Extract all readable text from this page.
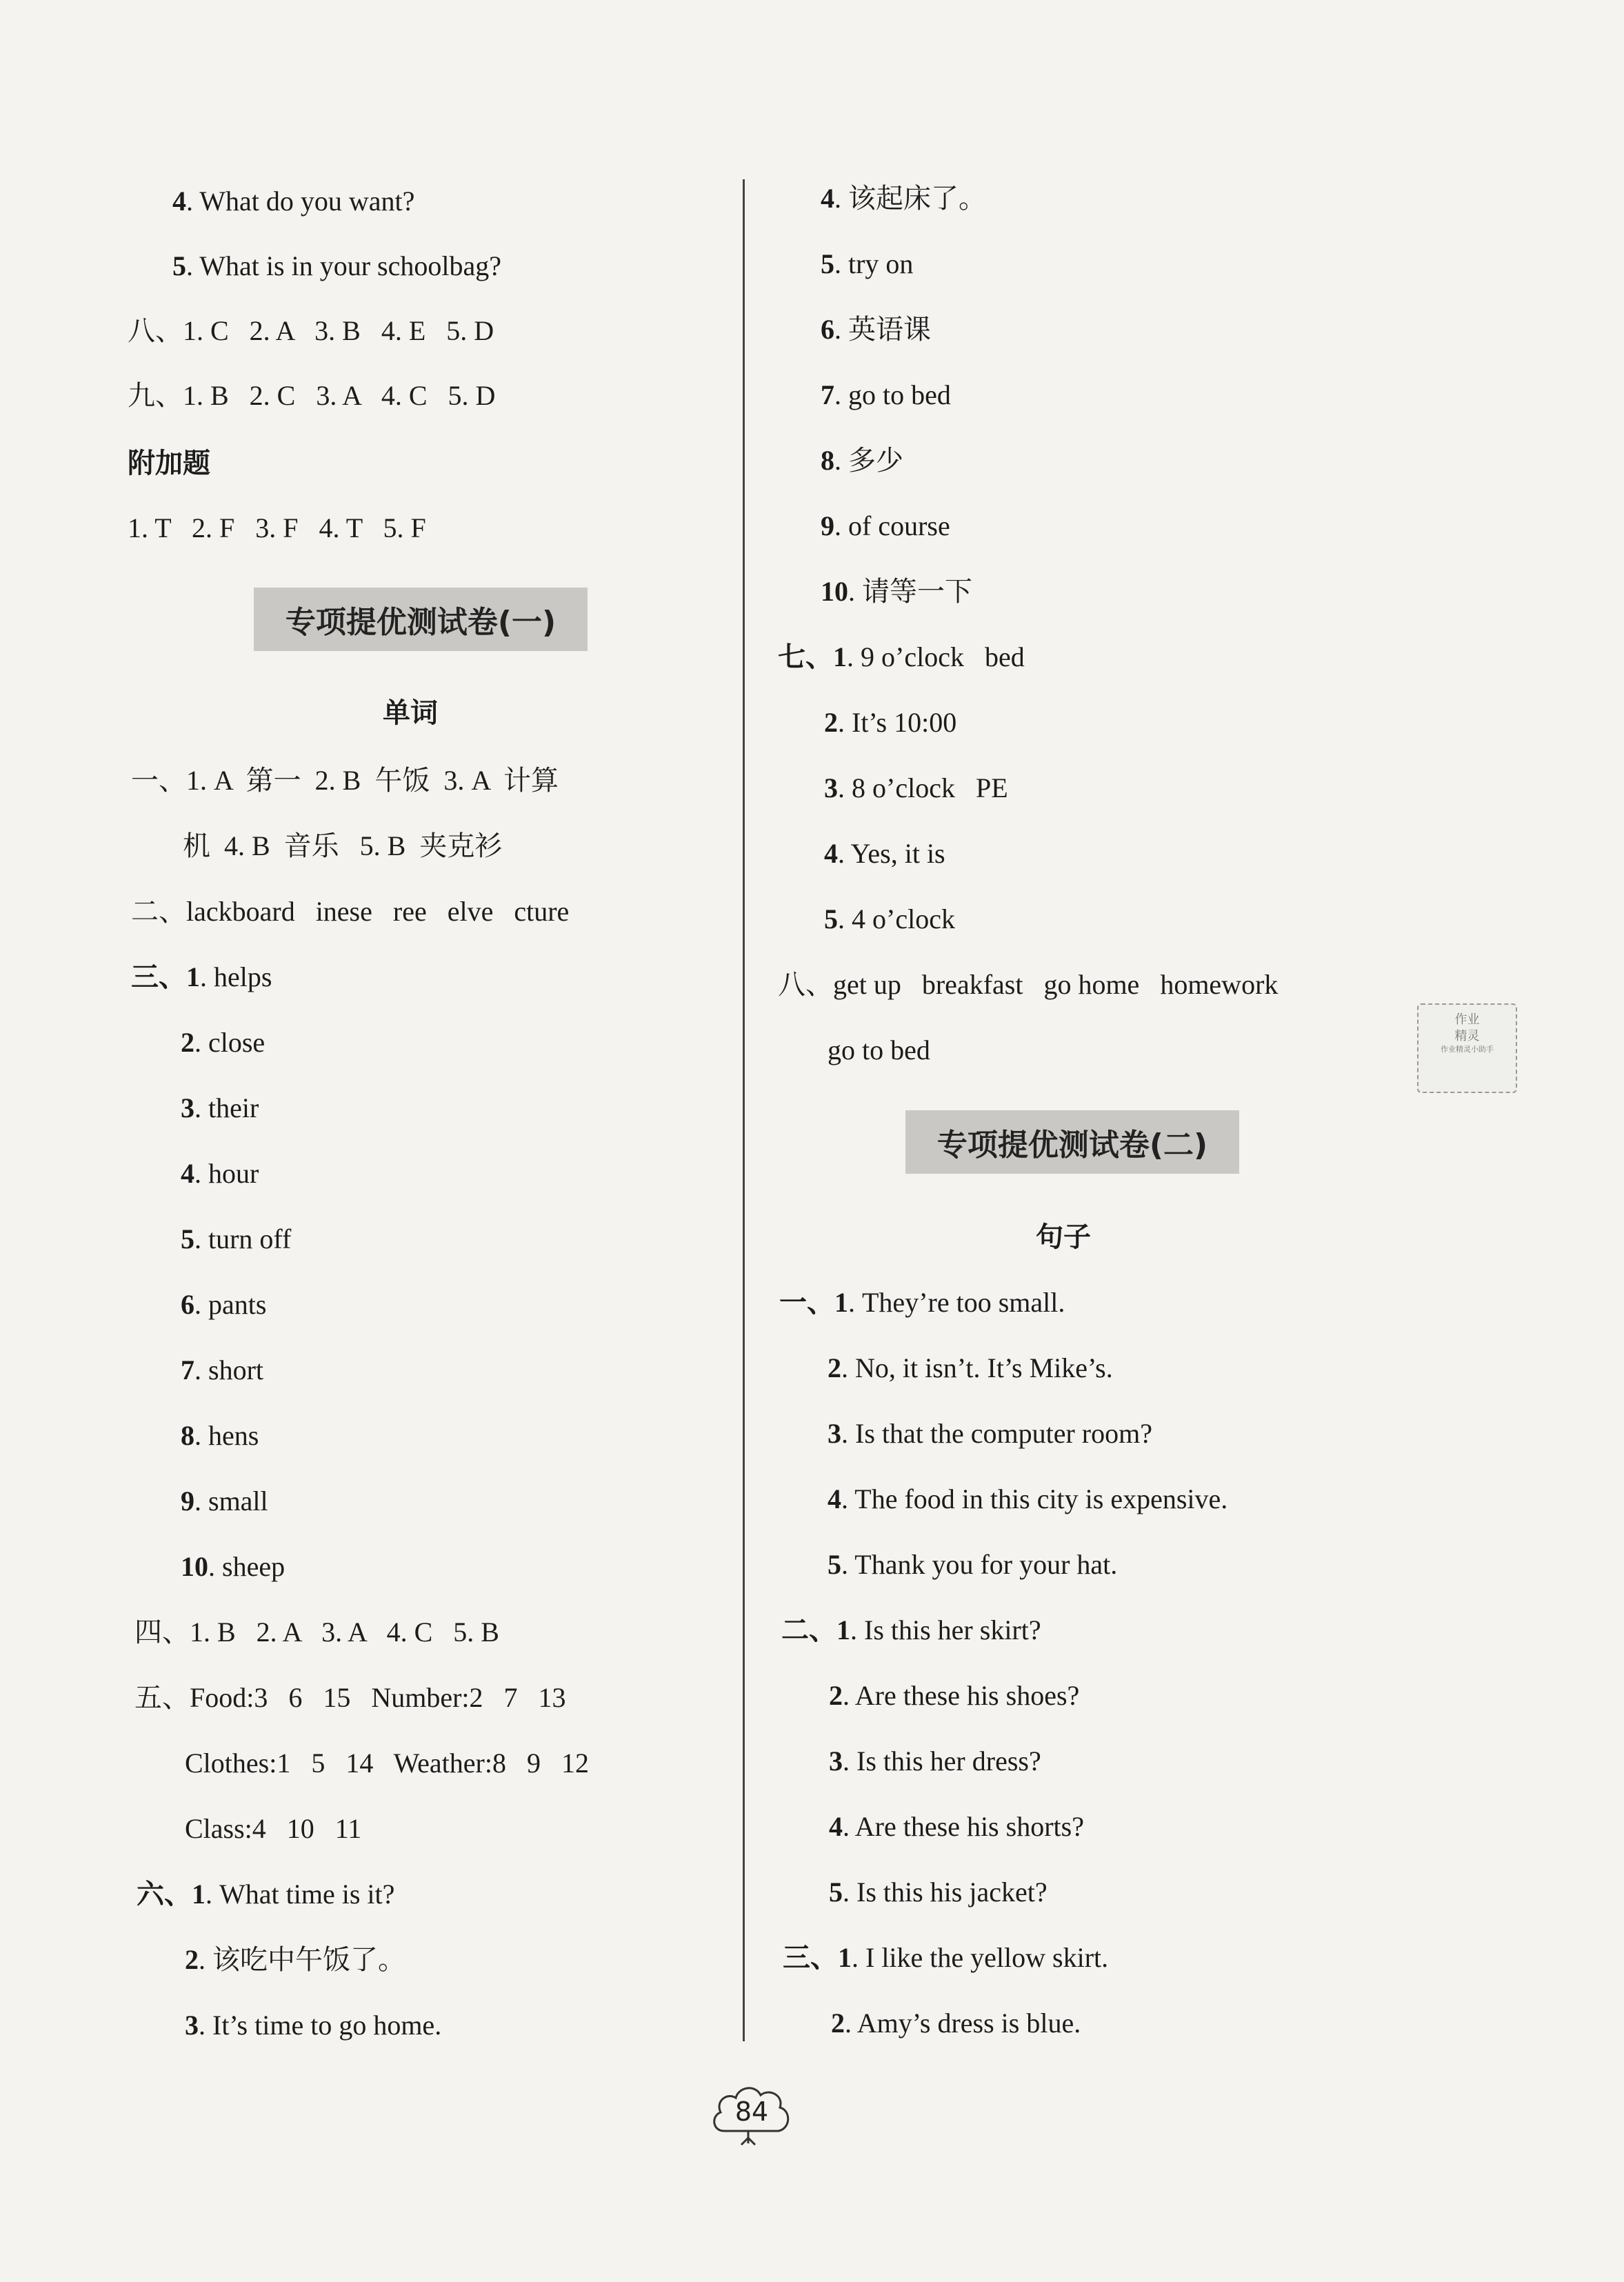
4. What do you want?
5. What is in your schoolbag?
八、1. C   2. A   3. B   4. E   5. D
九、1. B   2. C   3. A   4. C   5. D
附加题
1. T   2. F   3. F   4. T   5. F
专项提优测试卷(一)
单词
一、1. A  第一  2. B  午饭  3. A  计算
机  4. B  音乐   5. B  夹克衫
二、lackboard   inese   ree   elve   cture
三、1. helps
2. close
3. their
4. hour
5. turn off
6. pants
7. short
8. hens
9. small
10. sheep
四、1. B   2. A   3. A   4. C   5. B
五、Food:3   6   15   Number:2   7   13
Clothes:1   5   14   Weather:8   9   12
Class:4   10   11
六、1. What time is it?
2. 该吃中午饭了。
3. It’s time to go home.
4. 该起床了。
5. try on
6. 英语课
7. go to bed
8. 多少
9. of course
10. 请等一下
七、1. 9 o’clock   bed
2. It’s 10:00
3. 8 o’clock   PE
4. Yes, it is
5. 4 o’clock
八、get up   breakfast   go home   homework
go to bed
专项提优测试卷(二)
句子
一、1. They’re too small.
2. No, it isn’t. It’s Mike’s.
3. Is that the computer room?
4. The food in this city is expensive.
5. Thank you for your hat.
二、1. Is this her skirt?
2. Are these his shoes?
3. Is this her dress?
4. Are these his shorts?
5. Is this his jacket?
三、1. I like the yellow skirt.
2. Amy’s dress is blue.
作业
精灵
作业精灵小助手
84
